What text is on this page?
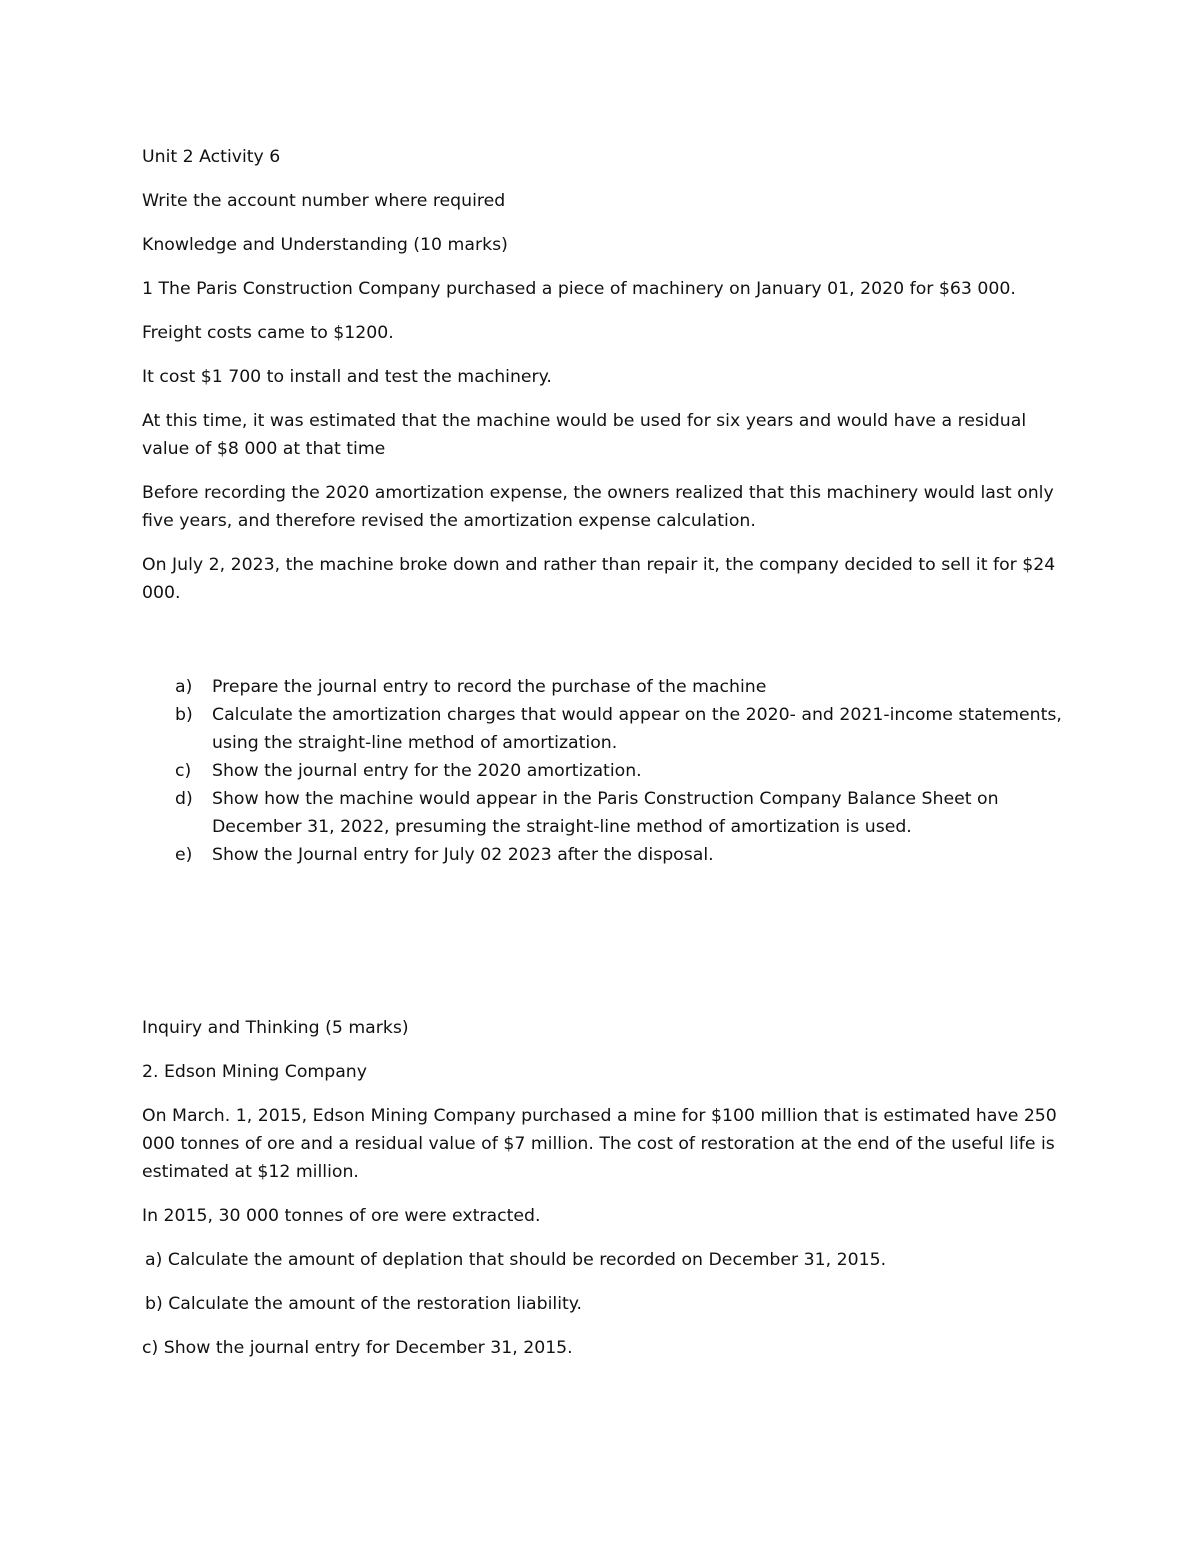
Unit 2 Activity 6

Write the account number where required

Knowledge and Understanding (10 marks)

1 The Paris Construction Company purchased a piece of machinery on January 01, 2020 for $63 000.

Freight costs came to $1200.

It cost $1 700 to install and test the machinery.

At this time, it was estimated that the machine would be used for six years and would have a residual value of $8 000 at that time

Before recording the 2020 amortization expense, the owners realized that this machinery would last only five years, and therefore revised the amortization expense calculation.

On July 2, 2023, the machine broke down and rather than repair it, the company decided to sell it for $24 000.

a) Prepare the journal entry to record the purchase of the machine
b) Calculate the amortization charges that would appear on the 2020- and 2021-income statements, using the straight-line method of amortization.
c) Show the journal entry for the 2020 amortization.
d) Show how the machine would appear in the Paris Construction Company Balance Sheet on December 31, 2022, presuming the straight-line method of amortization is used.
e) Show the Journal entry for July 02 2023 after the disposal.

Inquiry and Thinking (5 marks)

2. Edson Mining Company

On March. 1, 2015, Edson Mining Company purchased a mine for $100 million that is estimated have 250 000 tonnes of ore and a residual value of $7 million. The cost of restoration at the end of the useful life is estimated at $12 million.

In 2015, 30 000 tonnes of ore were extracted.

a) Calculate the amount of deplation that should be recorded on December 31, 2015.

b) Calculate the amount of the restoration liability.

c) Show the journal entry for December 31, 2015.
